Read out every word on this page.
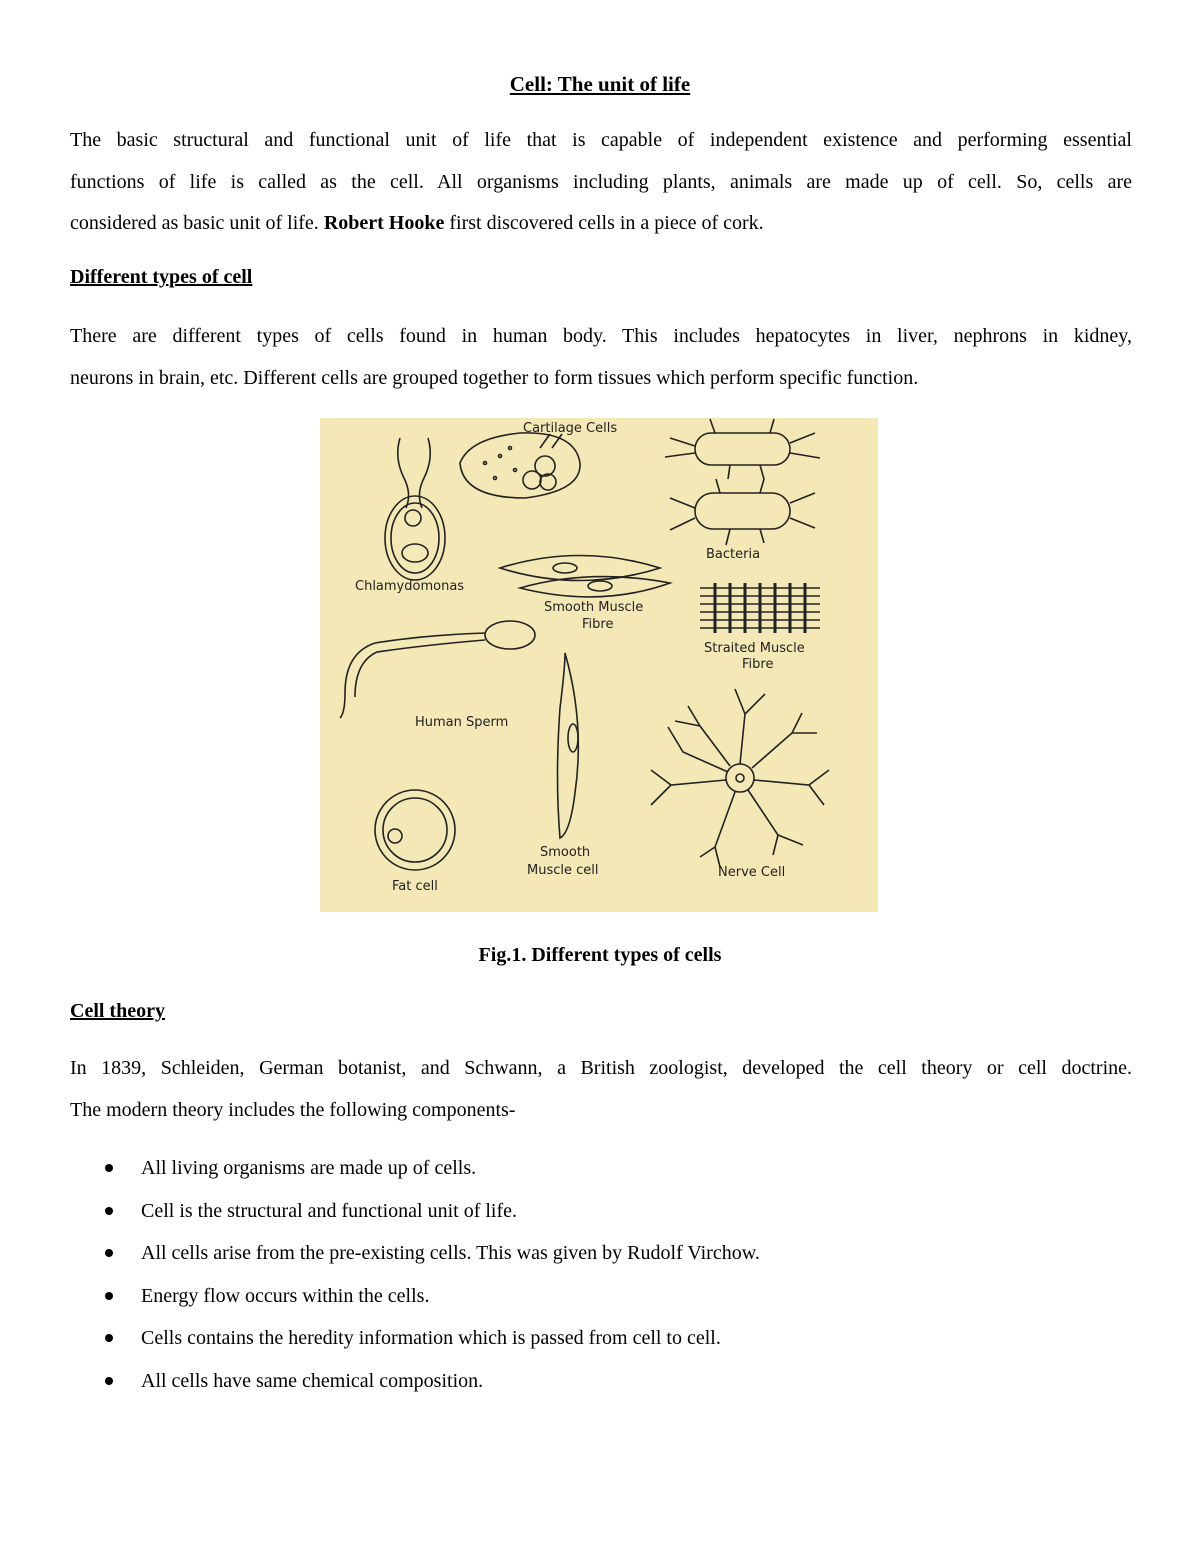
Cell: The unit of life

The basic structural and functional unit of life that is capable of independent existence and performing essential
functions of life is called as the cell. All organisms including plants, animals are made up of cell. So, cells are
considered as basic unit of life. Robert Hooke first discovered cells in a piece of cork.

Different types of cell

There are different types of cells found in human body. This includes hepatocytes in liver, nephrons in kidney,
neurons in brain, etc. Different cells are grouped together to form tissues which perform specific function.

Cartilage Cells
Bacteria
Chlamydomonas
Smooth Muscle
Fibre
Straited Muscle
Fibre
Human Sperm
Smooth
Muscle cell
Fat cell
Nerve Cell
Fig.1. Different types of cells
Cell theory

In 1839, Schleiden, German botanist, and Schwann, a British zoologist, developed the cell theory or cell doctrine.
The modern theory includes the following components-

All living organisms are made up of cells.
Cell is the structural and functional unit of life.
All cells arise from the pre-existing cells. This was given by Rudolf Virchow.
Energy flow occurs within the cells.
Cells contains the heredity information which is passed from cell to cell.
All cells have same chemical composition.
